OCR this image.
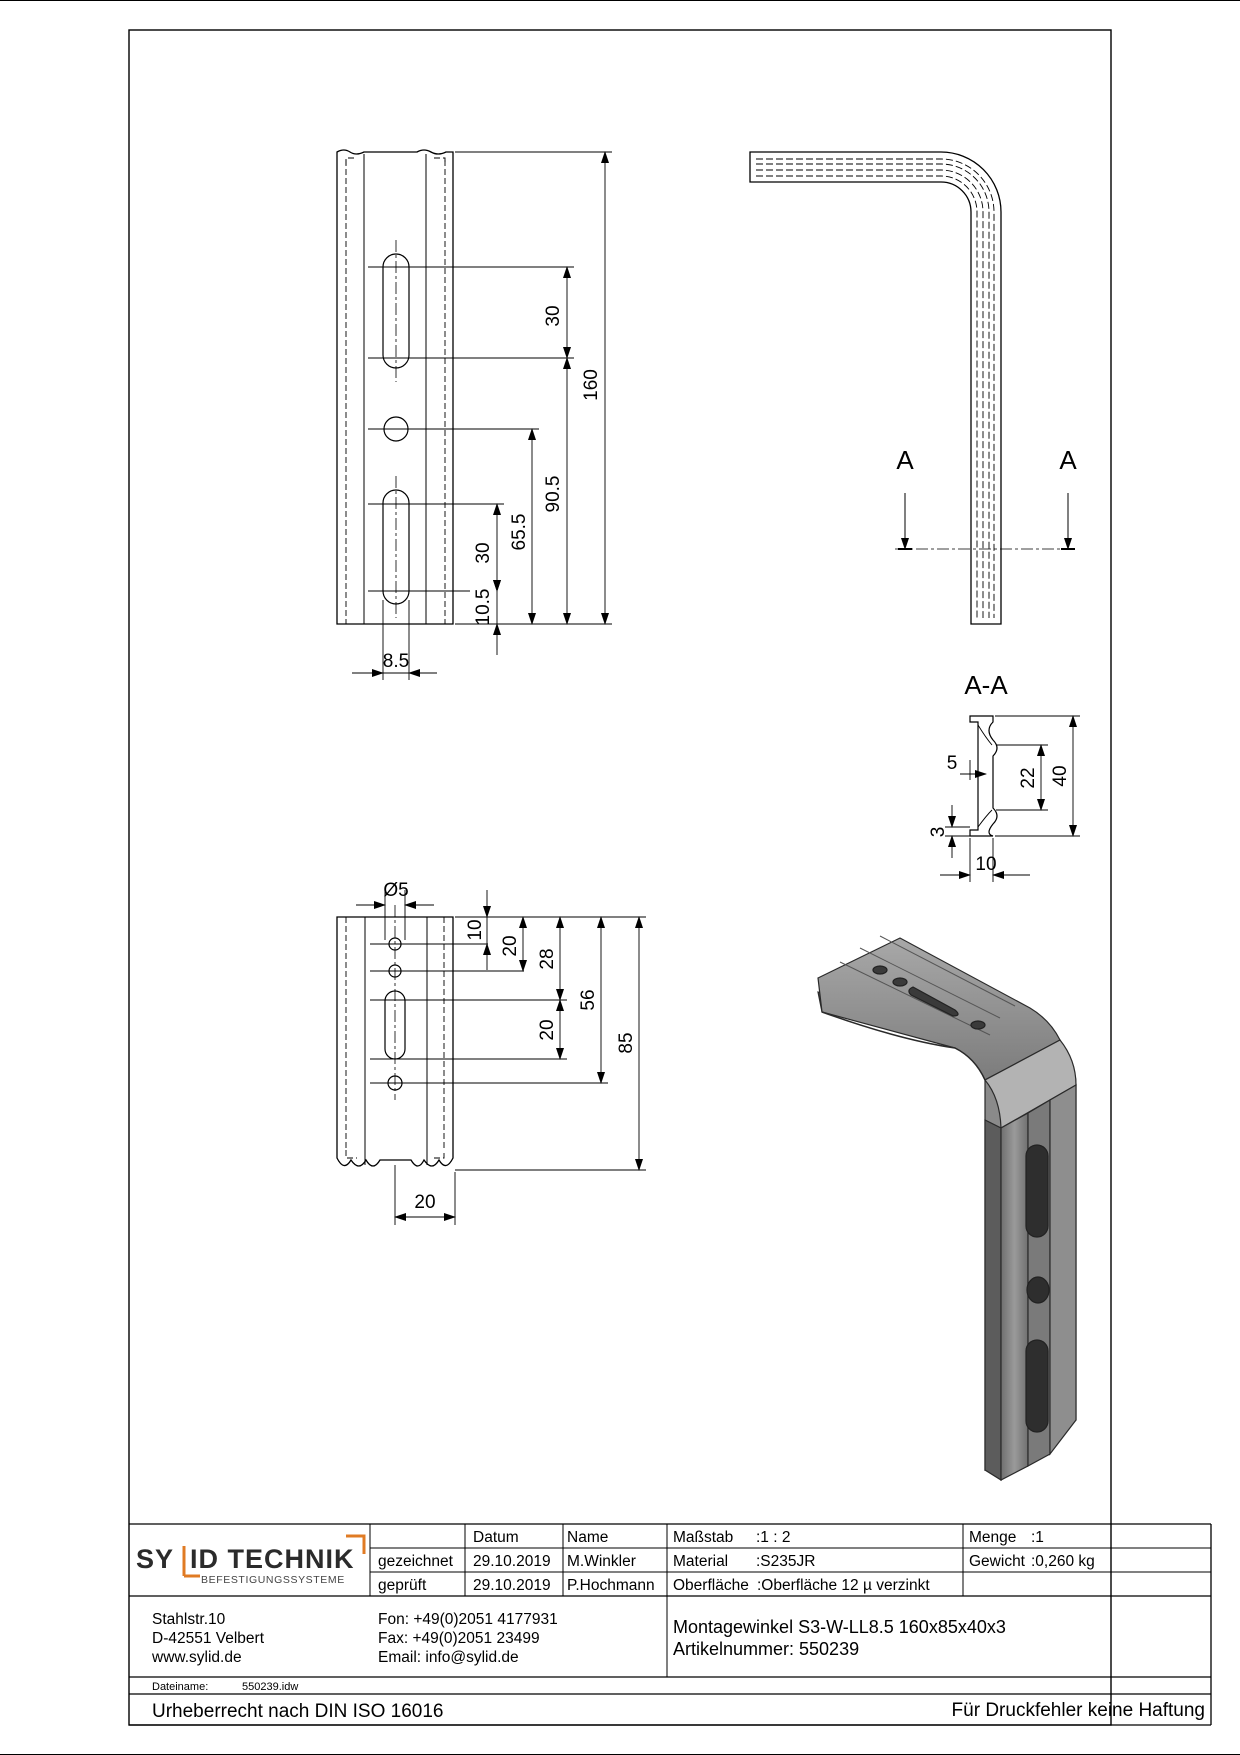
30
160
90.5
65.5
30
10.5
8.5
A	A
A-A
5
22 40
3
10
Ø5
10
20
28
56
20
85
20
SY ID TECHNIK
BEFESTIGUNGSSYSTEME
Datum	Name
gezeichnet 29.10.2019 M.Winkler
geprüft	29.10.2019 P.Hochmann
Maßstab :1 : 2
Material :S235JR
Oberfläche :Oberfläche 12 µ verzinkt
Menge :1
Gewicht :0,260 kg
Stahlstr.10
D-42551 Velbert
www.sylid.de
Fon: +49(0)2051 4177931
Fax: +49(0)2051 23499
Email: info@sylid.de
Montagewinkel S3-W-LL8.5 160x85x40x3
Artikelnummer: 550239
Dateiname:	550239.idw
Urheberrecht nach DIN ISO 16016	Für Druckfehler keine Haftung
